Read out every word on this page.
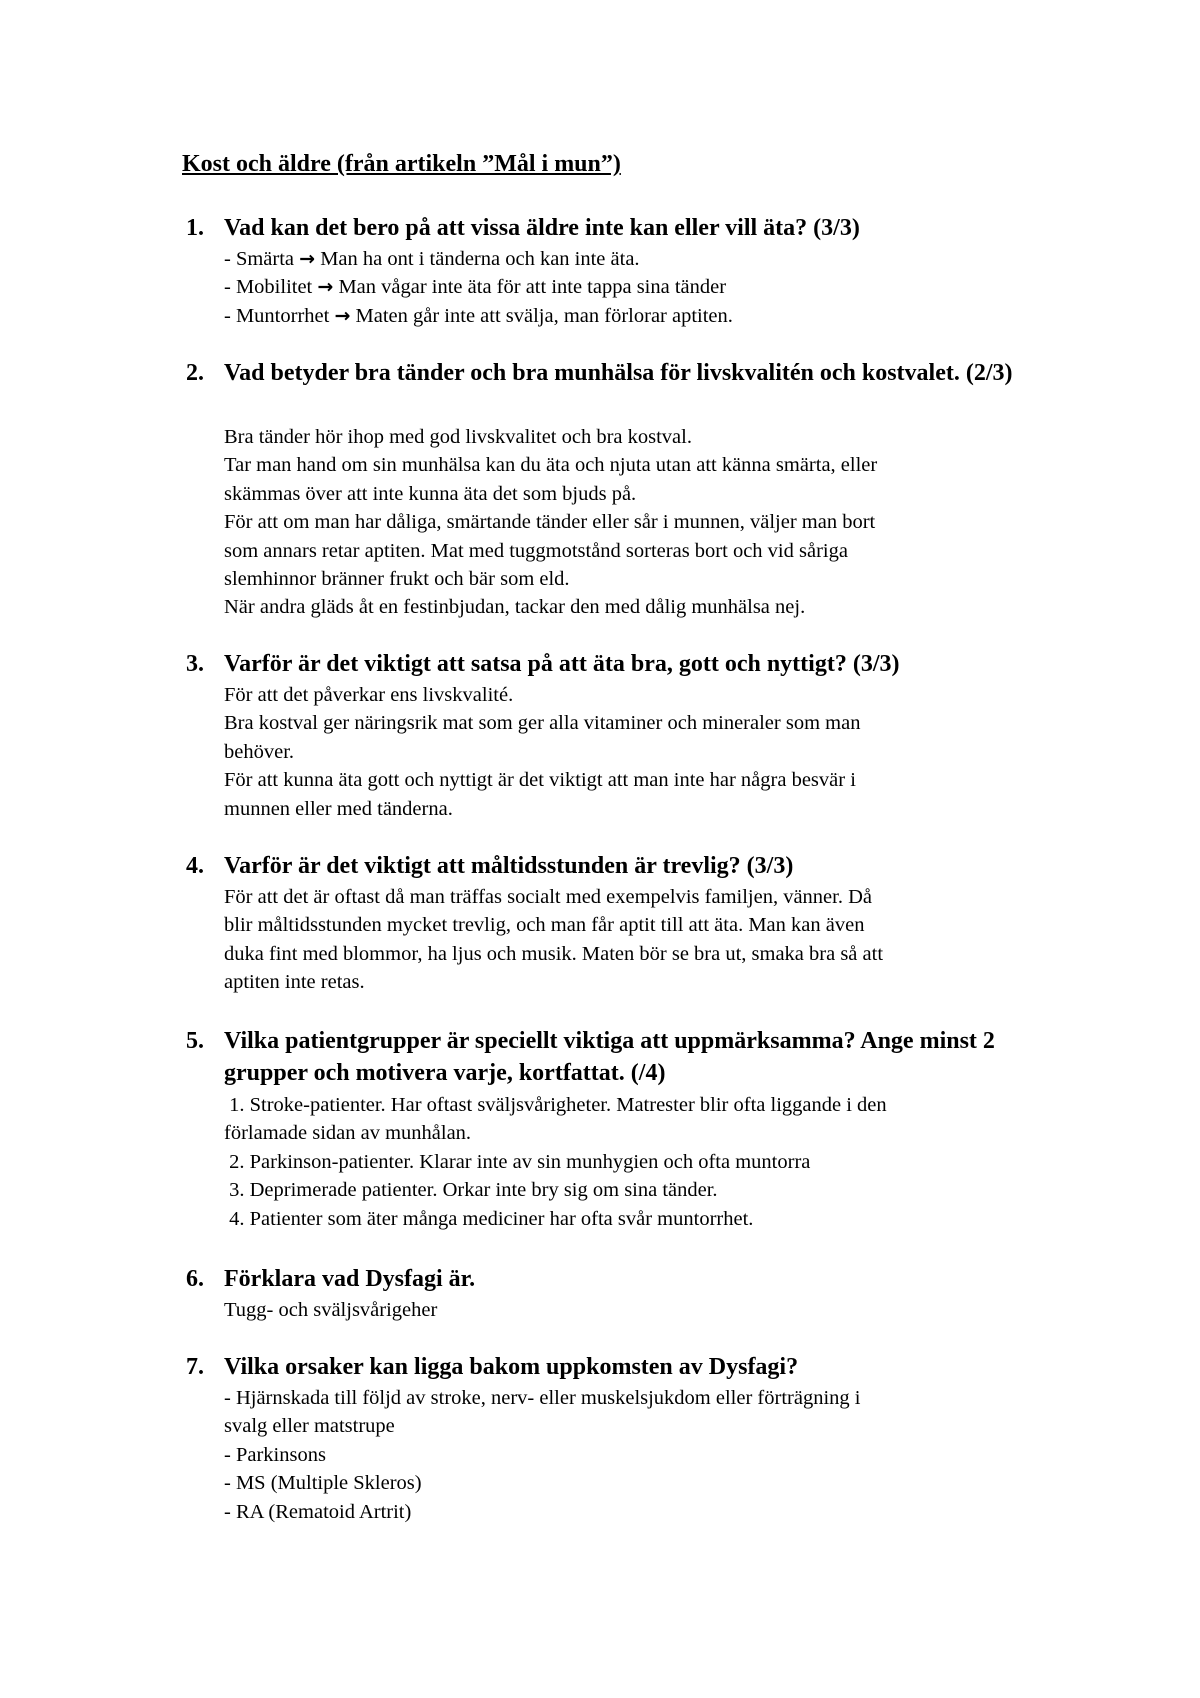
Kost och äldre (från artikeln ”Mål i mun”)
1. Vad kan det bero på att vissa äldre inte kan eller vill äta? (3/3)
- Smärta → Man ha ont i tänderna och kan inte äta.
- Mobilitet → Man vågar inte äta för att inte tappa sina tänder
- Muntorrhet → Maten går inte att svälja, man förlorar aptiten.
2. Vad betyder bra tänder och bra munhälsa för livskvalitén och kostvalet. (2/3)
Bra tänder hör ihop med god livskvalitet och bra kostval.
Tar man hand om sin munhälsa kan du äta och njuta utan att känna smärta, eller
skämmas över att inte kunna äta det som bjuds på.
För att om man har dåliga, smärtande tänder eller sår i munnen, väljer man bort
som annars retar aptiten. Mat med tuggmotstånd sorteras bort och vid såriga
slemhinnor bränner frukt och bär som eld.
När andra gläds åt en festinbjudan, tackar den med dålig munhälsa nej.
3. Varför är det viktigt att satsa på att äta bra, gott och nyttigt? (3/3)
För att det påverkar ens livskvalité.
Bra kostval ger näringsrik mat som ger alla vitaminer och mineraler som man
behöver.
För att kunna äta gott och nyttigt är det viktigt att man inte har några besvär i
munnen eller med tänderna.
4. Varför är det viktigt att måltidsstunden är trevlig? (3/3)
För att det är oftast då man träffas socialt med exempelvis familjen, vänner. Då
blir måltidsstunden mycket trevlig, och man får aptit till att äta. Man kan även
duka fint med blommor, ha ljus och musik. Maten bör se bra ut, smaka bra så att
aptiten inte retas.
5. Vilka patientgrupper är speciellt viktiga att uppmärksamma? Ange minst 2 grupper och motivera varje, kortfattat. (/4)
1. Stroke-patienter. Har oftast sväljsvårigheter. Matrester blir ofta liggande i den
förlamade sidan av munhålan.
2. Parkinson-patienter. Klarar inte av sin munhygien och ofta muntorra
3. Deprimerade patienter. Orkar inte bry sig om sina tänder.
4. Patienter som äter många mediciner har ofta svår muntorrhet.
6. Förklara vad Dysfagi är.
Tugg- och sväljsvårigeher
7. Vilka orsaker kan ligga bakom uppkomsten av Dysfagi?
- Hjärnskada till följd av stroke, nerv- eller muskelsjukdom eller förträgning i
svalg eller matstrupe
- Parkinsons
- MS (Multiple Skleros)
- RA (Rematoid Artrit)
